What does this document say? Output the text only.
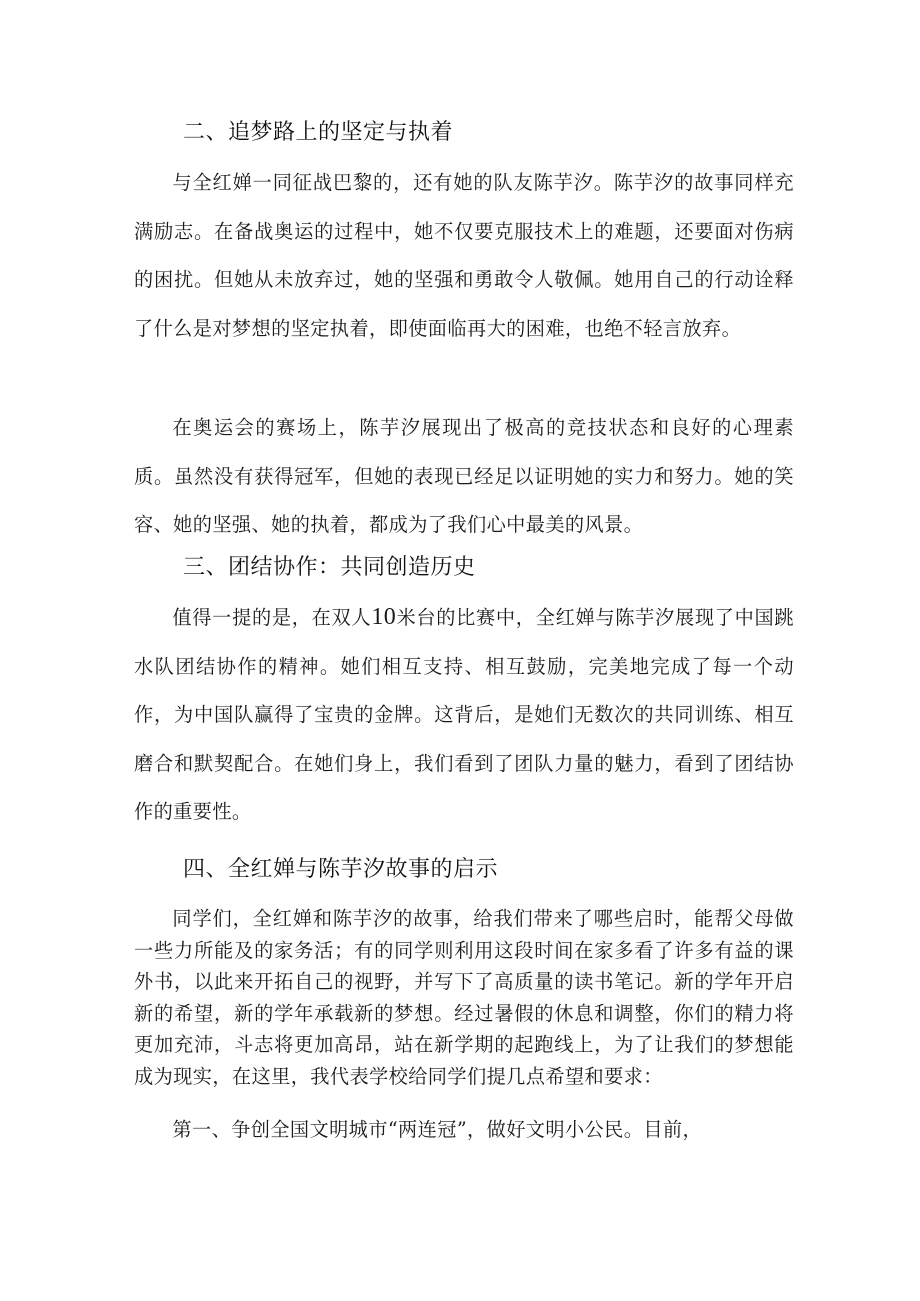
二、追梦路上的坚定与执着
与全红婵一同征战巴黎的，还有她的队友陈芋汐。陈芋汐的故事同样充满励志。在备战奥运的过程中，她不仅要克服技术上的难题，还要面对伤病的困扰。但她从未放弃过，她的坚强和勇敢令人敬佩。她用自己的行动诠释了什么是对梦想的坚定执着，即使面临再大的困难，也绝不轻言放弃。
在奥运会的赛场上，陈芋汐展现出了极高的竞技状态和良好的心理素质。虽然没有获得冠军，但她的表现已经足以证明她的实力和努力。她的笑容、她的坚强、她的执着，都成为了我们心中最美的风景。
三、团结协作：共同创造历史
值得一提的是，在双人10米台的比赛中，全红婵与陈芋汐展现了中国跳水队团结协作的精神。她们相互支持、相互鼓励，完美地完成了每一个动作，为中国队赢得了宝贵的金牌。这背后，是她们无数次的共同训练、相互磨合和默契配合。在她们身上，我们看到了团队力量的魅力，看到了团结协作的重要性。
四、全红婵与陈芋汐故事的启示
同学们，全红婵和陈芋汐的故事，给我们带来了哪些启时，能帮父母做一些力所能及的家务活；有的同学则利用这段时间在家多看了许多有益的课外书，以此来开拓自己的视野，并写下了高质量的读书笔记。新的学年开启新的希望，新的学年承载新的梦想。经过暑假的休息和调整，你们的精力将更加充沛，斗志将更加高昂，站在新学期的起跑线上，为了让我们的梦想能成为现实，在这里，我代表学校给同学们提几点希望和要求：
第一、争创全国文明城市“两连冠”，做好文明小公民。目前，
